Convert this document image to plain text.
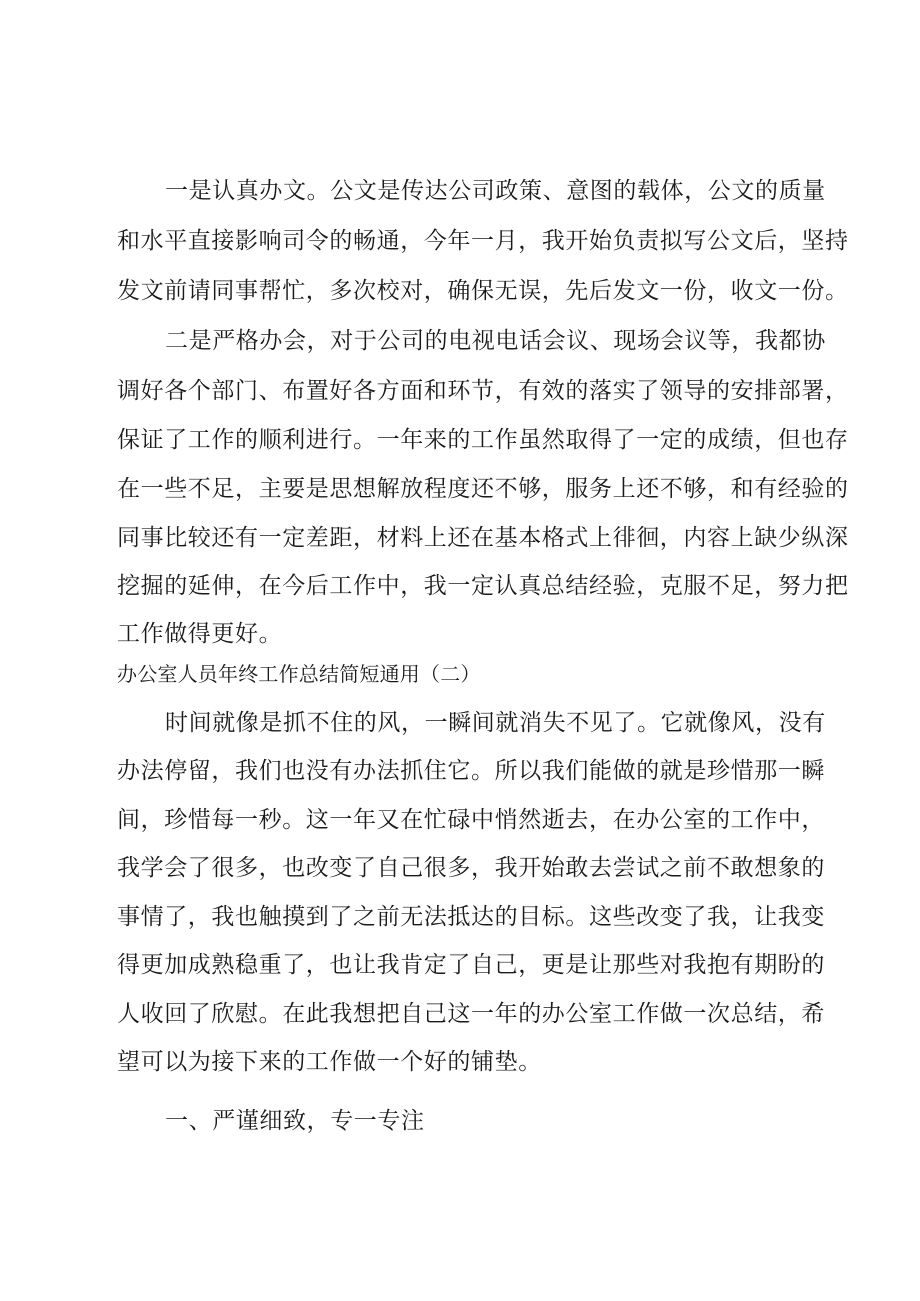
一是认真办文。公文是传达公司政策、意图的载体，公文的质量
和水平直接影响司令的畅通，今年一月，我开始负责拟写公文后，坚持
发文前请同事帮忙，多次校对，确保无误，先后发文一份，收文一份。
二是严格办会，对于公司的电视电话会议、现场会议等，我都协
调好各个部门、布置好各方面和环节，有效的落实了领导的安排部署，
保证了工作的顺利进行。一年来的工作虽然取得了一定的成绩，但也存
在一些不足，主要是思想解放程度还不够，服务上还不够，和有经验的
同事比较还有一定差距，材料上还在基本格式上徘徊，内容上缺少纵深
挖掘的延伸，在今后工作中，我一定认真总结经验，克服不足，努力把
工作做得更好。
办公室人员年终工作总结简短通用（二）
时间就像是抓不住的风，一瞬间就消失不见了。它就像风，没有
办法停留，我们也没有办法抓住它。所以我们能做的就是珍惜那一瞬
间，珍惜每一秒。这一年又在忙碌中悄然逝去，在办公室的工作中，
我学会了很多，也改变了自己很多，我开始敢去尝试之前不敢想象的
事情了，我也触摸到了之前无法抵达的目标。这些改变了我，让我变
得更加成熟稳重了，也让我肯定了自己，更是让那些对我抱有期盼的
人收回了欣慰。在此我想把自己这一年的办公室工作做一次总结，希
望可以为接下来的工作做一个好的铺垫。
一、严谨细致，专一专注
